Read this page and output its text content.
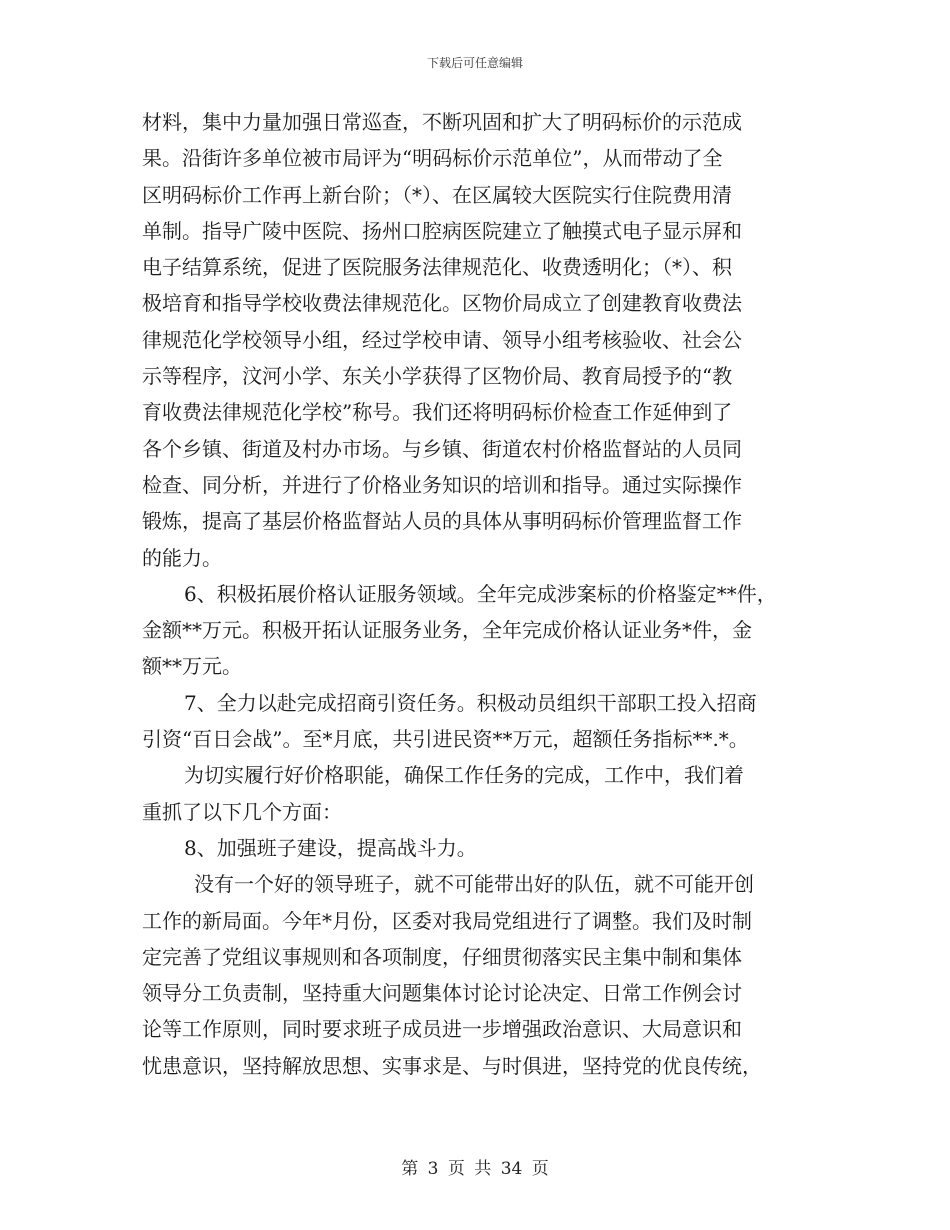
下载后可任意编辑
材料，集中力量加强日常巡查，不断巩固和扩大了明码标价的示范成
果。沿街许多单位被市局评为“明码标价示范单位”，从而带动了全
区明码标价工作再上新台阶；（*）、在区属较大医院实行住院费用清
单制。指导广陵中医院、扬州口腔病医院建立了触摸式电子显示屏和
电子结算系统，促进了医院服务法律规范化、收费透明化；（*）、积
极培育和指导学校收费法律规范化。区物价局成立了创建教育收费法
律规范化学校领导小组，经过学校申请、领导小组考核验收、社会公
示等程序，汶河小学、东关小学获得了区物价局、教育局授予的“教
育收费法律规范化学校”称号。我们还将明码标价检查工作延伸到了
各个乡镇、街道及村办市场。与乡镇、街道农村价格监督站的人员同
检查、同分析，并进行了价格业务知识的培训和指导。通过实际操作
锻炼，提高了基层价格监督站人员的具体从事明码标价管理监督工作
的能力。
6、积极拓展价格认证服务领域。全年完成涉案标的价格鉴定**件，
金额**万元。积极开拓认证服务业务，全年完成价格认证业务*件，金
额**万元。
7、全力以赴完成招商引资任务。积极动员组织干部职工投入招商
引资“百日会战”。至*月底，共引进民资**万元，超额任务指标**.*。
为切实履行好价格职能，确保工作任务的完成，工作中，我们着
重抓了以下几个方面：
8、加强班子建设，提高战斗力。
没有一个好的领导班子，就不可能带出好的队伍，就不可能开创
工作的新局面。今年*月份，区委对我局党组进行了调整。我们及时制
定完善了党组议事规则和各项制度，仔细贯彻落实民主集中制和集体
领导分工负责制，坚持重大问题集体讨论讨论决定、日常工作例会讨
论等工作原则，同时要求班子成员进一步增强政治意识、大局意识和
忧患意识，坚持解放思想、实事求是、与时俱进，坚持党的优良传统，
第 3 页 共 34 页
